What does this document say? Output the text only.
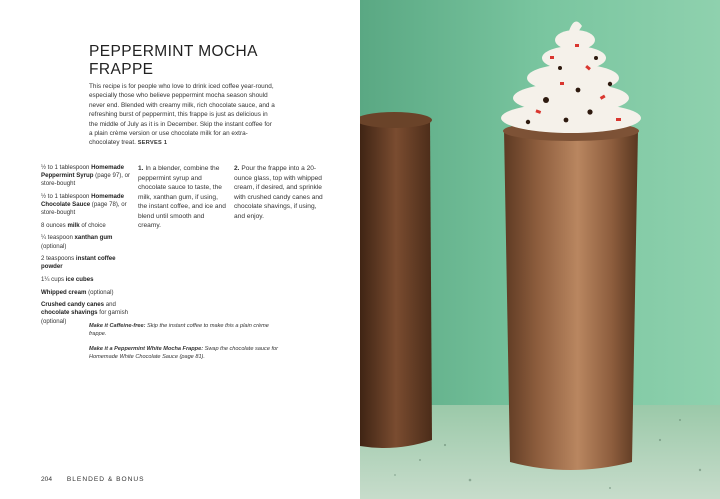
PEPPERMINT MOCHA
FRAPPE
This recipe is for people who love to drink iced coffee year-round, especially those who believe peppermint mocha season should never end. Blended with creamy milk, rich chocolate sauce, and a refreshing burst of peppermint, this frappe is just as delicious in the middle of July as it is in December. Skip the instant coffee for a plain crème version or use chocolate milk for an extra-chocolatey treat. SERVES 1
½ to 1 tablespoon Homemade Peppermint Syrup (page 97), or store-bought
½ to 1 tablespoon Homemade Chocolate Sauce (page 78), or store-bought
8 ounces milk of choice
¼ teaspoon xanthan gum (optional)
2 teaspoons instant coffee powder
1¼ cups ice cubes
Whipped cream (optional)
Crushed candy canes and chocolate shavings for garnish (optional)
1. In a blender, combine the peppermint syrup and chocolate sauce to taste, the milk, xanthan gum, if using, the instant coffee, and ice and blend until smooth and creamy.
2. Pour the frappe into a 20-ounce glass, top with whipped cream, if desired, and sprinkle with crushed candy canes and chocolate shavings, if using, and enjoy.
Make it Caffeine-free: Skip the instant coffee to make this a plain crème frappe.
Make it a Peppermint White Mocha Frappe: Swap the chocolate sauce for Homemade White Chocolate Sauce (page 81).
204 BLENDED & BONUS
